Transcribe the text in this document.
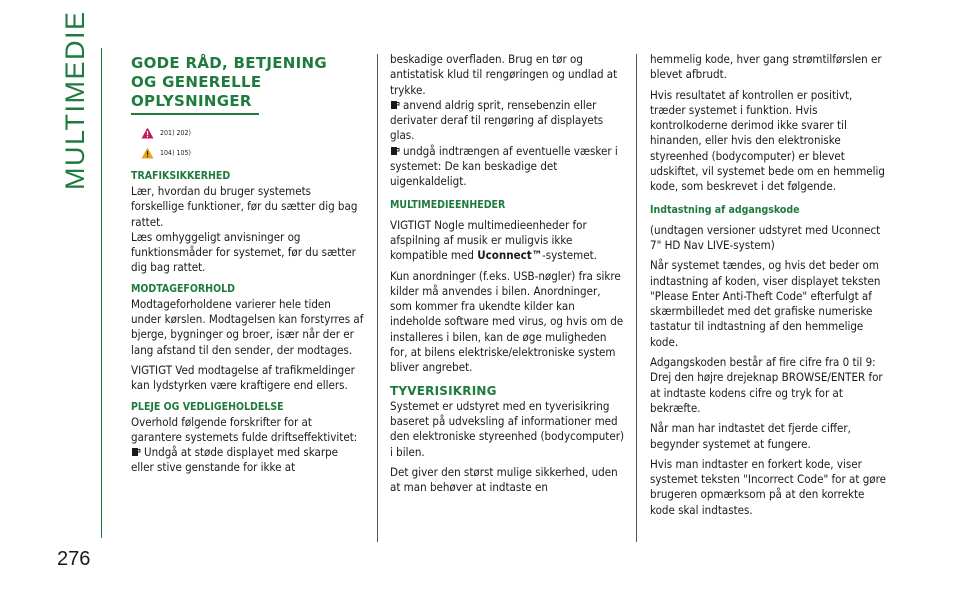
MULTIMEDIE
276
GODE RÅD, BETJENING
OG GENERELLE
OPLYSNINGER
201) 202)
104) 105)
TRAFIKSIKKERHED

Lær, hvordan du bruger systemets forskellige funktioner, før du sætter dig bag rattet.

Læs omhyggeligt anvisninger og funktionsmåder for systemet, før du sætter dig bag rattet.

MODTAGEFORHOLD

Modtageforholdene varierer hele tiden under kørslen. Modtagelsen kan forstyrres af bjerge, bygninger og broer, især når der er lang afstand til den sender, der modtages.

VIGTIGT Ved modtagelse af trafikmeldinger kan lydstyrken være kraftigere end ellers.

PLEJE OG VEDLIGEHOLDELSE

Overhold følgende forskrifter for at garantere systemets fulde driftseffektivitet:

Undgå at støde displayet med skarpe eller stive genstande for ikke at

beskadige overfladen. Brug en tør og antistatisk klud til rengøringen og undlad at trykke.

anvend aldrig sprit, rensebenzin eller derivater deraf til rengøring af displayets glas.

undgå indtrængen af eventuelle væsker i systemet: De kan beskadige det uigenkaldeligt.

MULTIMEDIEENHEDER

VIGTIGT Nogle multimedieenheder for afspilning af musik er muligvis ikke kompatible med Uconnect™-systemet.

Kun anordninger (f.eks. USB-nøgler) fra sikre kilder må anvendes i bilen. Anordninger, som kommer fra ukendte kilder kan indeholde software med virus, og hvis om de installeres i bilen, kan de øge muligheden for, at bilens elektriske/elektroniske system bliver angrebet.

TYVERISIKRING

Systemet er udstyret med en tyverisikring baseret på udveksling af informationer med den elektroniske styreenhed (bodycomputer) i bilen.

Det giver den størst mulige sikkerhed, uden at man behøver at indtaste en

hemmelig kode, hver gang strømtilførslen er blevet afbrudt.

Hvis resultatet af kontrollen er positivt, træder systemet i funktion. Hvis kontrolkoderne derimod ikke svarer til hinanden, eller hvis den elektroniske styreenhed (bodycomputer) er blevet udskiftet, vil systemet bede om en hemmelig kode, som beskrevet i det følgende.

Indtastning af adgangskode

(undtagen versioner udstyret med Uconnect 7" HD Nav LIVE-system)

Når systemet tændes, og hvis det beder om indtastning af koden, viser displayet teksten "Please Enter Anti-Theft Code" efterfulgt af skærmbilledet med det grafiske numeriske tastatur til indtastning af den hemmelige kode.

Adgangskoden består af fire cifre fra 0 til 9: Drej den højre drejeknap BROWSE/ENTER for at indtaste kodens cifre og tryk for at bekræfte.

Når man har indtastet det fjerde ciffer, begynder systemet at fungere.

Hvis man indtaster en forkert kode, viser systemet teksten "Incorrect Code" for at gøre brugeren opmærksom på at den korrekte kode skal indtastes.
